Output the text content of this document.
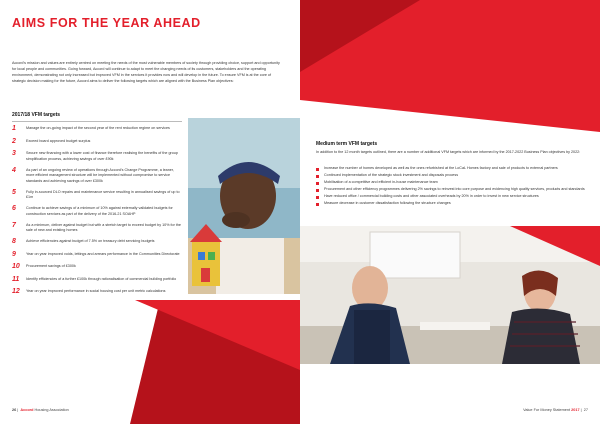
AIMS FOR THE YEAR AHEAD

Accord's mission and values are entirely centred on meeting the needs of the most vulnerable members of society through providing choice, support and opportunity for local people and communities. Going forward, Accord will continue to adapt to meet the changing needs of its customers, stakeholders and the operating environment, demonstrating not only increased but improved VFM in the services it provides now and will develop in the future. To ensure VFM is at the core of strategic decision making for the future, Accord aims to deliver the following targets which are aligned with the Business Plan objectives:

2017/18 VFM targets
1	Manage the on-going impact of the second year of the rent reduction regime on services
2	Exceed board approved budget surplus
3	Secure new financing with a lower cost of finance therefore realising the benefits of the group simplification process, achieving savings of over £90k
4	As part of an ongoing review of operations through Accord's Change Programme, a leaner, more efficient management structure will be implemented without compromise to service standards and achieving savings of over £300k
5	Fully in-sourced DLO repairs and maintenance service resulting in annualised savings of up to £1m
6	Continue to achieve savings of a minimum of 10% against externally validated budgets for construction services as part of the delivery of the 2016-21 SOAHP
7	As a minimum, deliver against budget but with a stretch target to exceed budget by 10% for the sale of new and existing homes
8	Achieve efficiencies against budget of 7.5% on treasury debt servicing budgets
9	Year on year improved voids, lettings and arrears performance in the Communities Directorate
10	Procurement savings of £300k
11	Identify efficiencies of a further £100k through rationalisation of commercial building portfolio
12	Year on year improved performance in social housing cost per unit metric calculations
26 |  Accord Housing Association
Medium term VFM targets

In addition to the 12 month targets outlined, there are a number of additional VFM targets which are informed by the 2017-2022 Business Plan objectives by 2022:

Increase the number of homes developed as well as the ones refurbished at the LoCaL Homes factory and sale of products to external partners
Continued implementation of the strategic stock investment and disposals process
Mobilisation of a competitive and efficient in-house maintenance team
Procurement and other efficiency programmes delivering 2% savings to reinvest into core purpose and evidencing high quality services, products and standards
Have reduced office / commercial building costs and other associated overheads by 20% in order to invest in new service structures
Measure decrease in customer dissatisfaction following the structure changes
Value For Money Statement 2017 |  27
